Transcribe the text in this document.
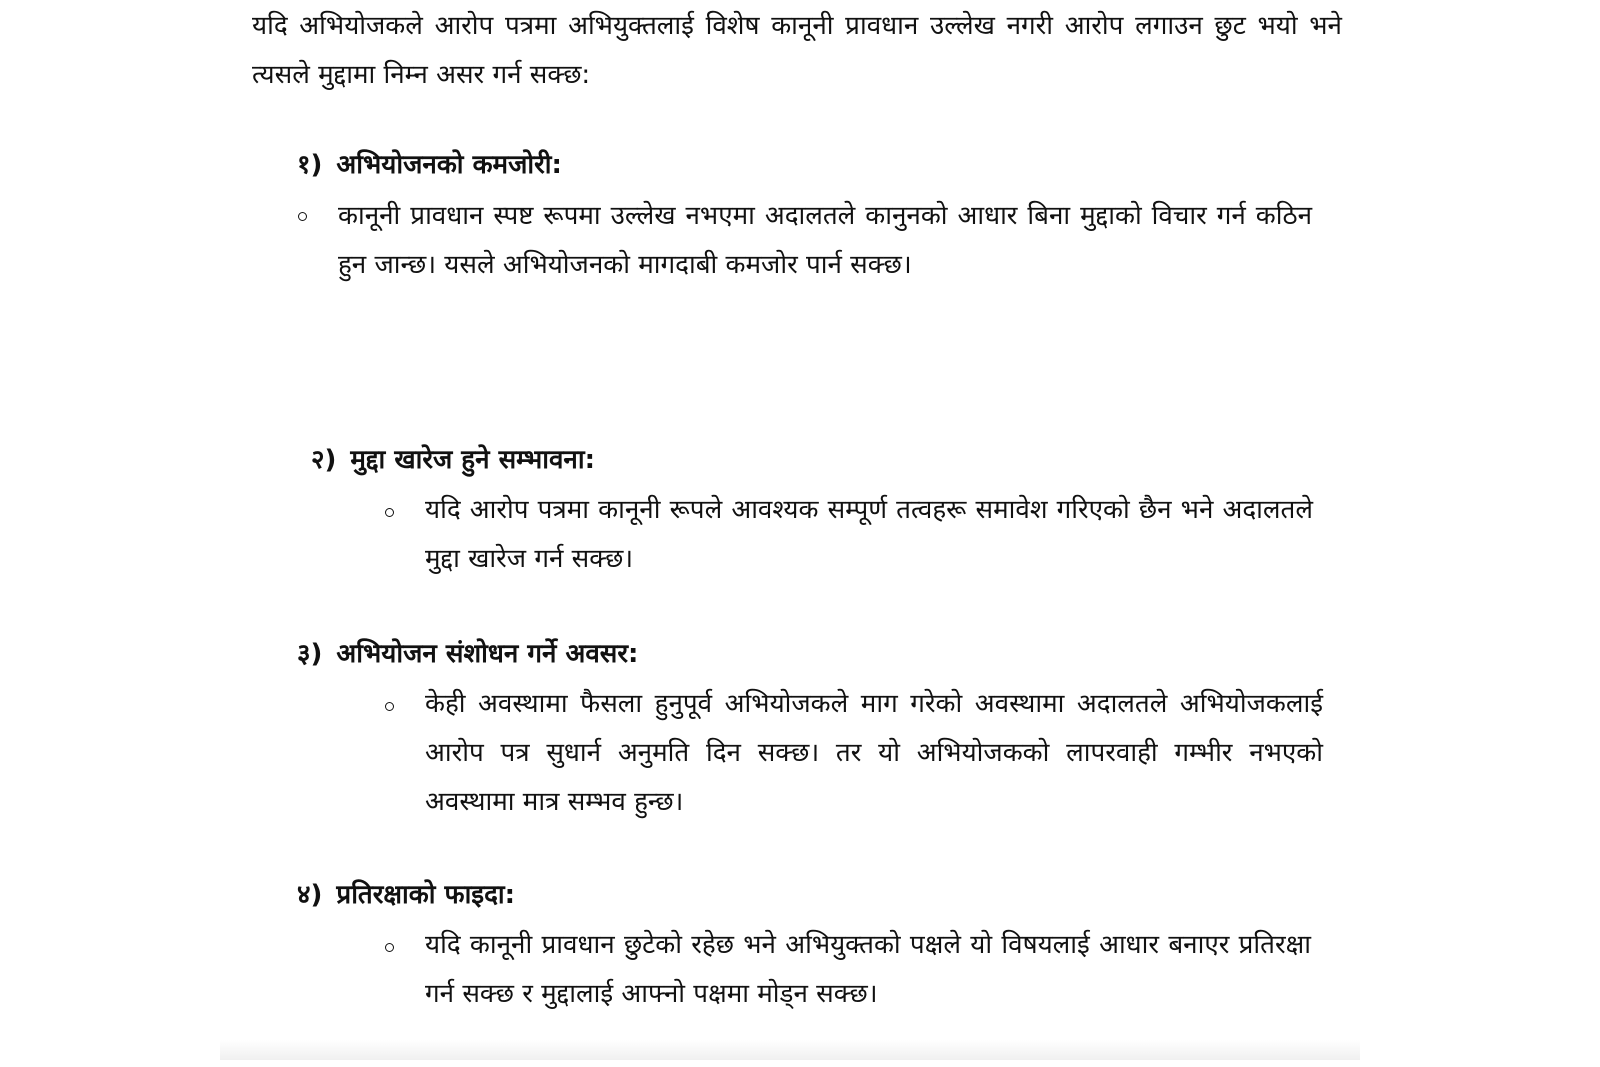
यदि अभियोजकले आरोप पत्रमा अभियुक्तलाई विशेष कानूनी प्रावधान उल्लेख नगरी आरोप लगाउन छुट भयो भने त्यसले मुद्दामा निम्न असर गर्न सक्छ:

१) अभियोजनको कमजोरी:

कानूनी प्रावधान स्पष्ट रूपमा उल्लेख नभएमा अदालतले कानुनको आधार बिना मुद्दाको विचार गर्न कठिन हुन जान्छ। यसले अभियोजनको मागदाबी कमजोर पार्न सक्छ।

२) मुद्दा खारेज हुने सम्भावना:

यदि आरोप पत्रमा कानूनी रूपले आवश्यक सम्पूर्ण तत्वहरू समावेश गरिएको छैन भने अदालतले मुद्दा खारेज गर्न सक्छ।

३) अभियोजन संशोधन गर्ने अवसर:

केही अवस्थामा फैसला हुनुपूर्व अभियोजकले माग गरेको अवस्थामा अदालतले अभियोजकलाई आरोप पत्र सुधार्न अनुमति दिन सक्छ। तर यो अभियोजकको लापरवाही गम्भीर नभएको अवस्थामा मात्र सम्भव हुन्छ।

४) प्रतिरक्षाको फाइदा:

यदि कानूनी प्रावधान छुटेको रहेछ भने अभियुक्तको पक्षले यो विषयलाई आधार बनाएर प्रतिरक्षा गर्न सक्छ र मुद्दालाई आफ्नो पक्षमा मोड्न सक्छ।
